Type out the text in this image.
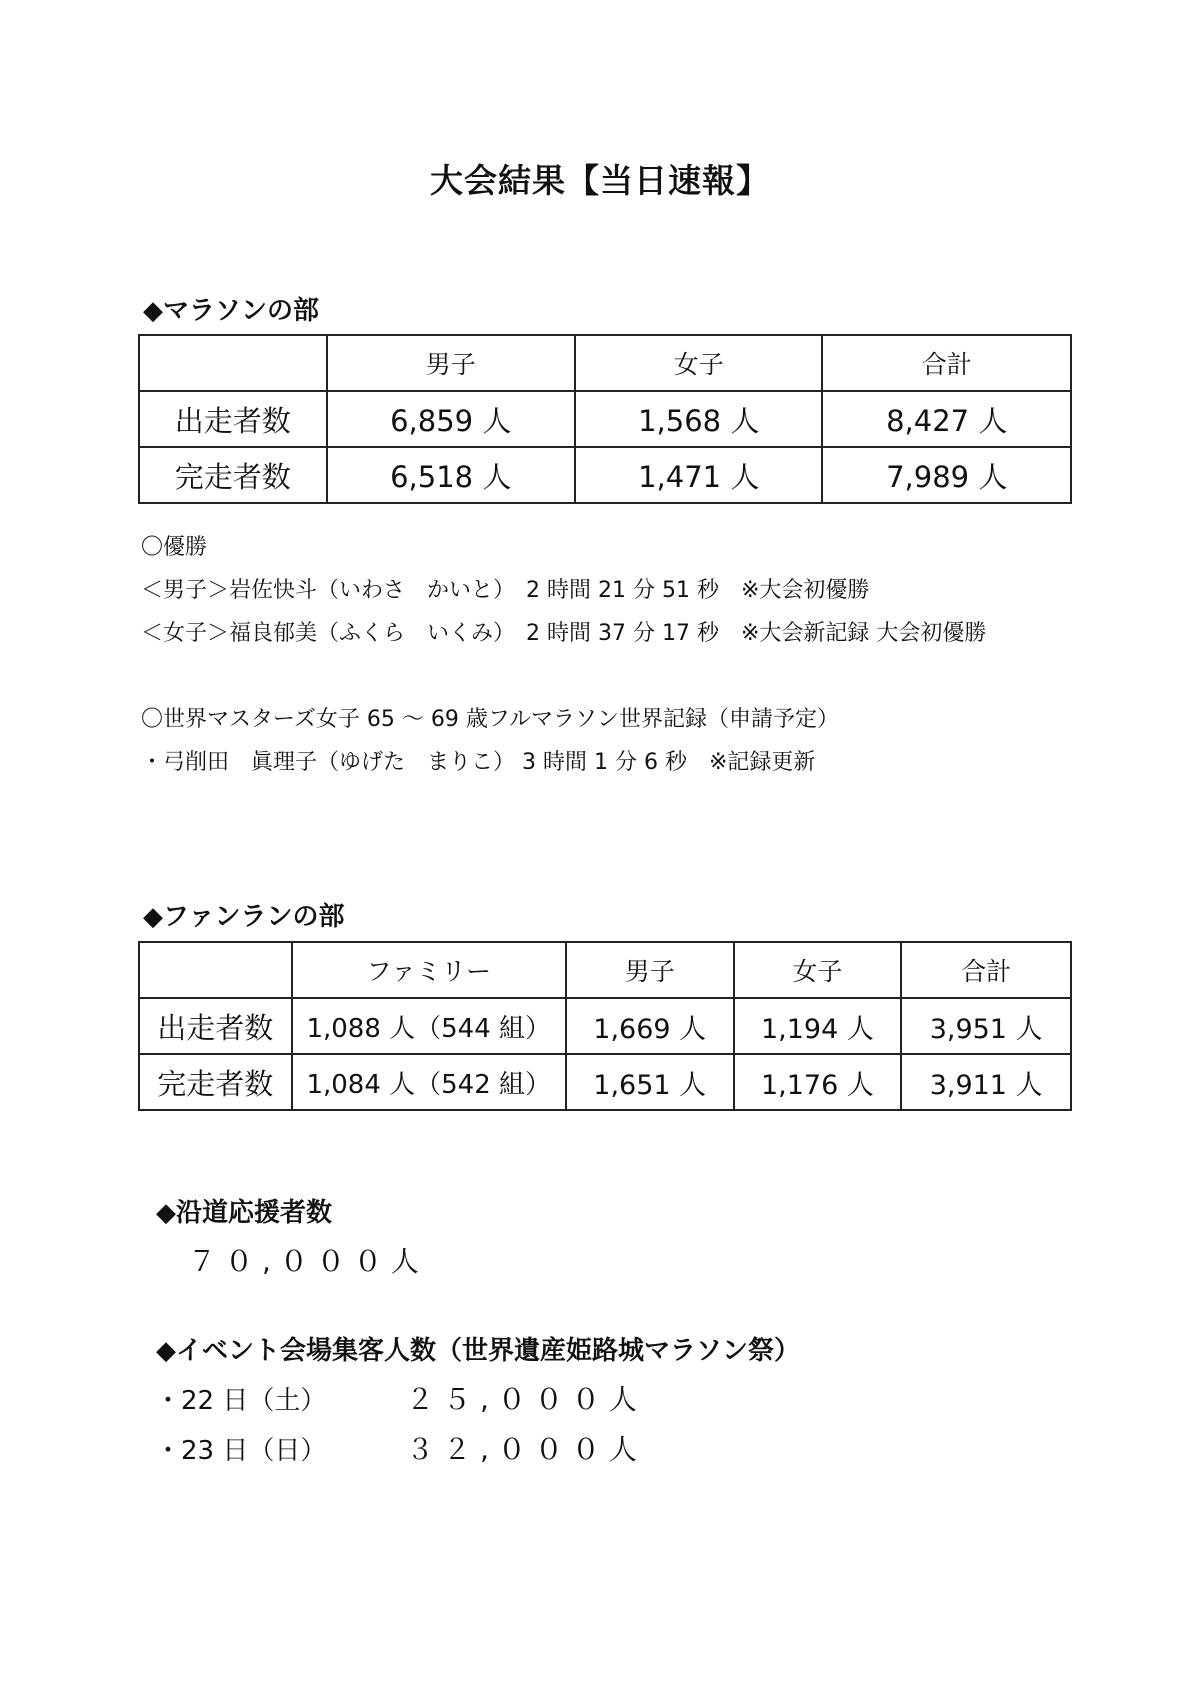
大会結果【当日速報】
◆マラソンの部
	男子	女子	合計
出走者数	6,859 人	1,568 人	8,427 人
完走者数	6,518 人	1,471 人	7,989 人
〇優勝
＜男子＞岩佐快斗（いわさ　かいと）　2 時間 21 分 51 秒　※大会初優勝
＜女子＞福良郁美（ふくら　いくみ）　2 時間 37 分 17 秒　※大会新記録 大会初優勝
〇世界マスターズ女子 65 ～ 69 歳フルマラソン世界記録（申請予定）
・弓削田　眞理子（ゆげた　まりこ） 3 時間 1 分 6 秒　※記録更新
◆ファンランの部
	ファミリー	男子	女子	合計
出走者数	1,088 人（544 組）	1,669 人	1,194 人	3,951 人
完走者数	1,084 人（542 組）	1,651 人	1,176 人	3,911 人
◆沿道応援者数
７０,０００人
◆イベント会場集客人数（世界遺産姫路城マラソン祭）
・22 日（土）	２５,０００人
・23 日（日）	３２,０００人
